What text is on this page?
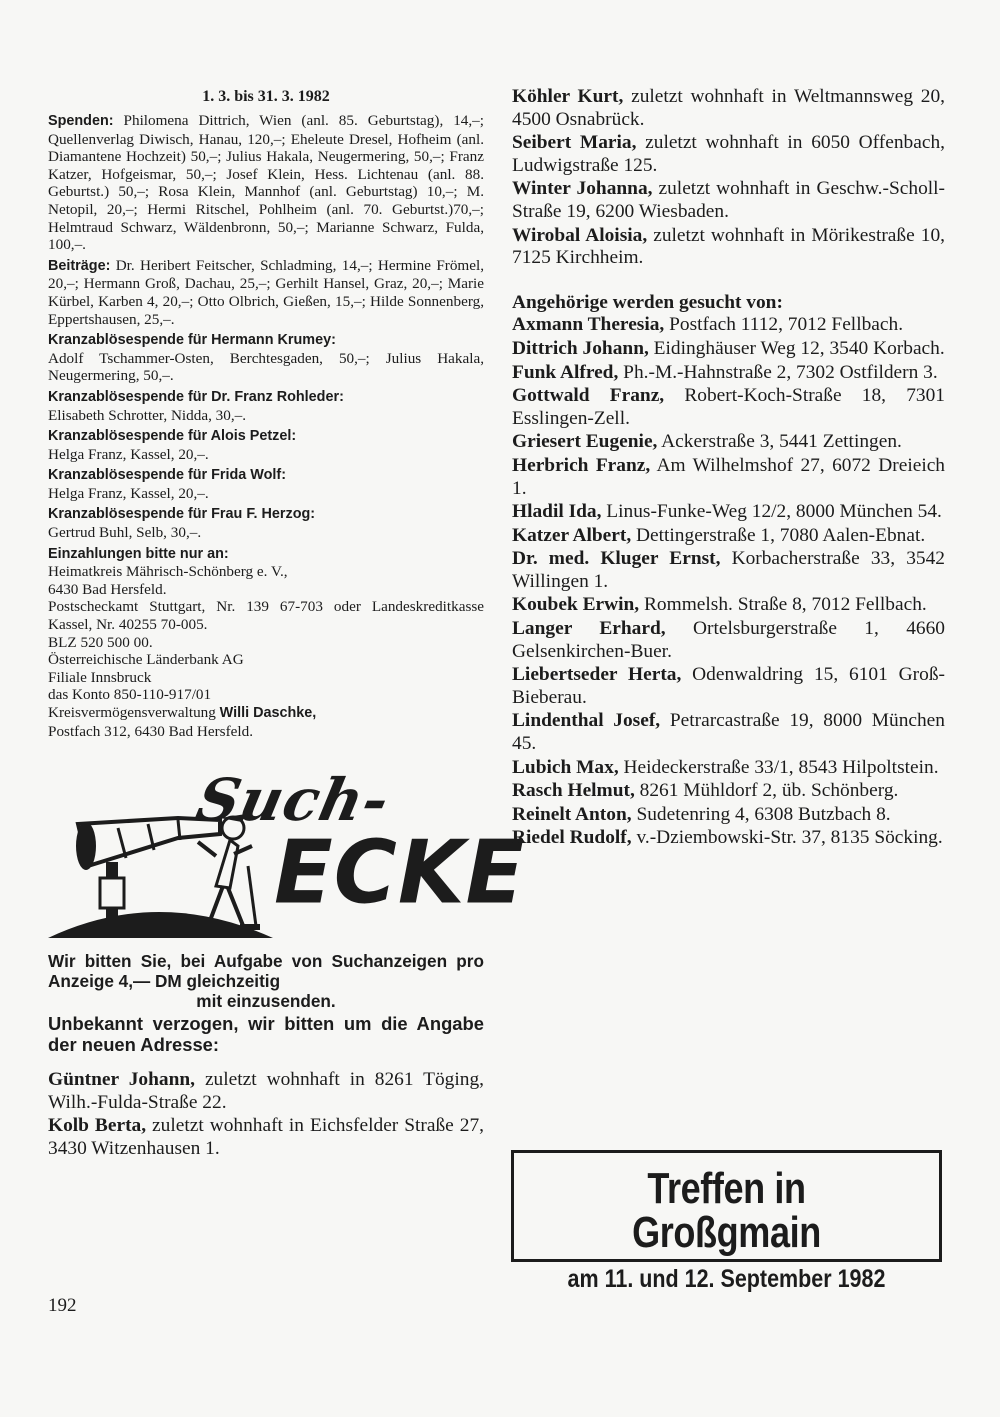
1. 3. bis 31. 3. 1982

Spenden: Philomena Dittrich, Wien (anl. 85. Geburtstag), 14,–; Quellenverlag Diwisch, Hanau, 120,–; Eheleute Dresel, Hofheim (anl. Diamantene Hochzeit) 50,–; Julius Hakala, Neugermering, 50,–; Franz Katzer, Hofgeismar, 50,–; Josef Klein, Hess. Lichtenau (anl. 88. Geburtst.) 50,–; Rosa Klein, Mannhof (anl. Geburtstag) 10,–; M. Netopil, 20,–; Hermi Ritschel, Pohlheim (anl. 70. Geburtst.)70,–; Helmtraud Schwarz, Wäldenbronn, 50,–; Marianne Schwarz, Fulda, 100,–.

Beiträge: Dr. Heribert Feitscher, Schladming, 14,–; Hermine Frömel, 20,–; Hermann Groß, Dachau, 25,–; Gerhilt Hansel, Graz, 20,–; Marie Kürbel, Karben 4, 20,–; Otto Olbrich, Gießen, 15,–; Hilde Sonnenberg, Eppertshausen, 25,–.

Kranzablösespende für Hermann Krumey:

Adolf Tschammer-Osten, Berchtesgaden, 50,–; Julius Hakala, Neugermering, 50,–.

Kranzablösespende für Dr. Franz Rohleder:

Elisabeth Schrotter, Nidda, 30,–.

Kranzablösespende für Alois Petzel:

Helga Franz, Kassel, 20,–.

Kranzablösespende für Frida Wolf:

Helga Franz, Kassel, 20,–.

Kranzablösespende für Frau F. Herzog:

Gertrud Buhl, Selb, 30,–.

Einzahlungen bitte nur an:

Heimatkreis Mährisch-Schönberg e. V.,

6430 Bad Hersfeld.

Postscheckamt Stuttgart, Nr. 139 67-703 oder Landeskreditkasse Kassel, Nr. 40255 70-005.

BLZ 520 500 00.

Österreichische Länderbank AG

Filiale Innsbruck

das Konto 850-110-917/01

Kreisvermögensverwaltung Willi Daschke,

Postfach 312, 6430 Bad Hersfeld.

Such-
ECKE

Wir bitten Sie, bei Aufgabe von Suchanzeigen pro Anzeige 4,— DM gleichzeitig

mit einzusenden.

Unbekannt verzogen, wir bitten um die Angabe der neuen Adresse:

Güntner Johann, zuletzt wohnhaft in 8261 Töging, Wilh.-Fulda-Straße 22.

Kolb Berta, zuletzt wohnhaft in Eichsfelder Straße 27, 3430 Witzenhausen 1.

Köhler Kurt, zuletzt wohnhaft in Weltmannsweg 20, 4500 Osnabrück.

Seibert Maria, zuletzt wohnhaft in 6050 Offenbach, Ludwigstraße 125.

Winter Johanna, zuletzt wohnhaft in Geschw.-Scholl-Straße 19, 6200 Wiesbaden.

Wirobal Aloisia, zuletzt wohnhaft in Mörikestraße 10, 7125 Kirchheim.

Angehörige werden gesucht von:

Axmann Theresia, Postfach 1112, 7012 Fellbach.

Dittrich Johann, Eidinghäuser Weg 12, 3540 Korbach.

Funk Alfred, Ph.-M.-Hahnstraße 2, 7302 Ostfildern 3.

Gottwald Franz, Robert-Koch-Straße 18, 7301 Esslingen-Zell.

Griesert Eugenie, Ackerstraße 3, 5441 Zettingen.

Herbrich Franz, Am Wilhelmshof 27, 6072 Dreieich 1.

Hladil Ida, Linus-Funke-Weg 12/2, 8000 München 54.

Katzer Albert, Dettingerstraße 1, 7080 Aalen-Ebnat.

Dr. med. Kluger Ernst, Korbacherstraße 33, 3542 Willingen 1.

Koubek Erwin, Rommelsh. Straße 8, 7012 Fellbach.

Langer Erhard, Ortelsburgerstraße 1, 4660 Gelsenkirchen-Buer.

Liebertseder Herta, Odenwaldring 15, 6101 Groß-Bieberau.

Lindenthal Josef, Petrarcastraße 19, 8000 München 45.

Lubich Max, Heideckerstraße 33/1, 8543 Hilpoltstein.

Rasch Helmut, 8261 Mühldorf 2, üb. Schönberg.

Reinelt Anton, Sudetenring 4, 6308 Butzbach 8.

Riedel Rudolf, v.-Dziembowski-Str. 37, 8135 Söcking.

Treffen in Großgmain
am 11. und 12. September 1982
192
